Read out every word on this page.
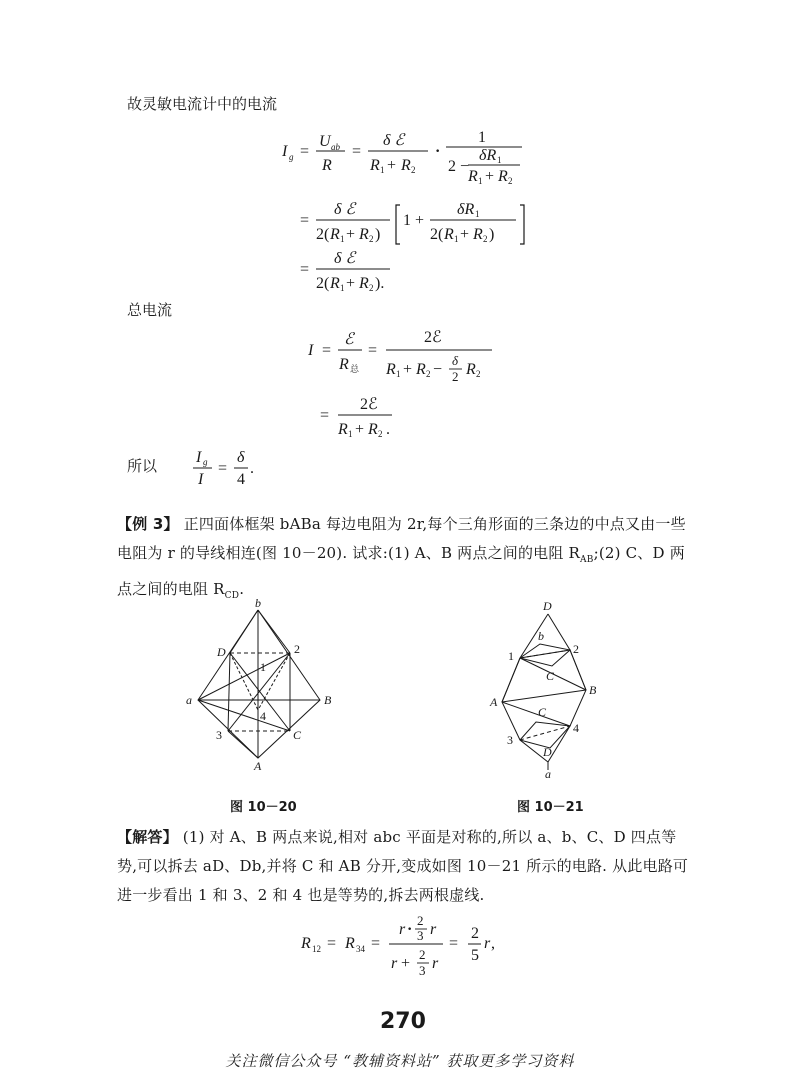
故灵敏电流计中的电流
I g =
U ab
R
=
δ ℰ
R 1 + R 2
·
1
2 −
δR 1
R 1 + R 2
=
δ ℰ
2( R 1 + R 2 )
1 +
δR 1
2( R 1 + R 2 )
=
δ ℰ
2( R 1 + R 2 ).
总电流
I =
ℰ
R 总
=
2ℰ
R 1 + R 2 −
δ
2 R 2
=
2ℰ
R 1 + R 2 .
所以 I g
I
=
δ
4
.
【例 3】 正四面体框架 bABa 每边电阻为 2r,每个三角形面的三条边的中点又由一些电阻为 r 的导线相连(图 10－20). 试求:(1) A、B 两点之间的电阻 $R_{AB};(2)$ C、D 两点之间的电阻 $R_{CD}$.
b
D	2
1
a	B
3
4
C
A
图 10－20
D
b
1	2
C
A
B
C
3
4
D
a
图 10－21
【解答】 (1) 对 A、B 两点来说,相对 abc 平面是对称的,所以 a、b、C、D 四点等势,可以拆去 aD、Db,并将 C 和 AB 分开,变成如图 10－21 所示的电路. 从此电路可进一步看出 1 和 3、2 和 4 也是等势的,拆去两根虚线.
R 12 = R 34 =
r ·
2
3 r
r +
2
3 r
=
2
5
r ,
270
关注微信公众号 “教辅资料站” 获取更多学习资料
